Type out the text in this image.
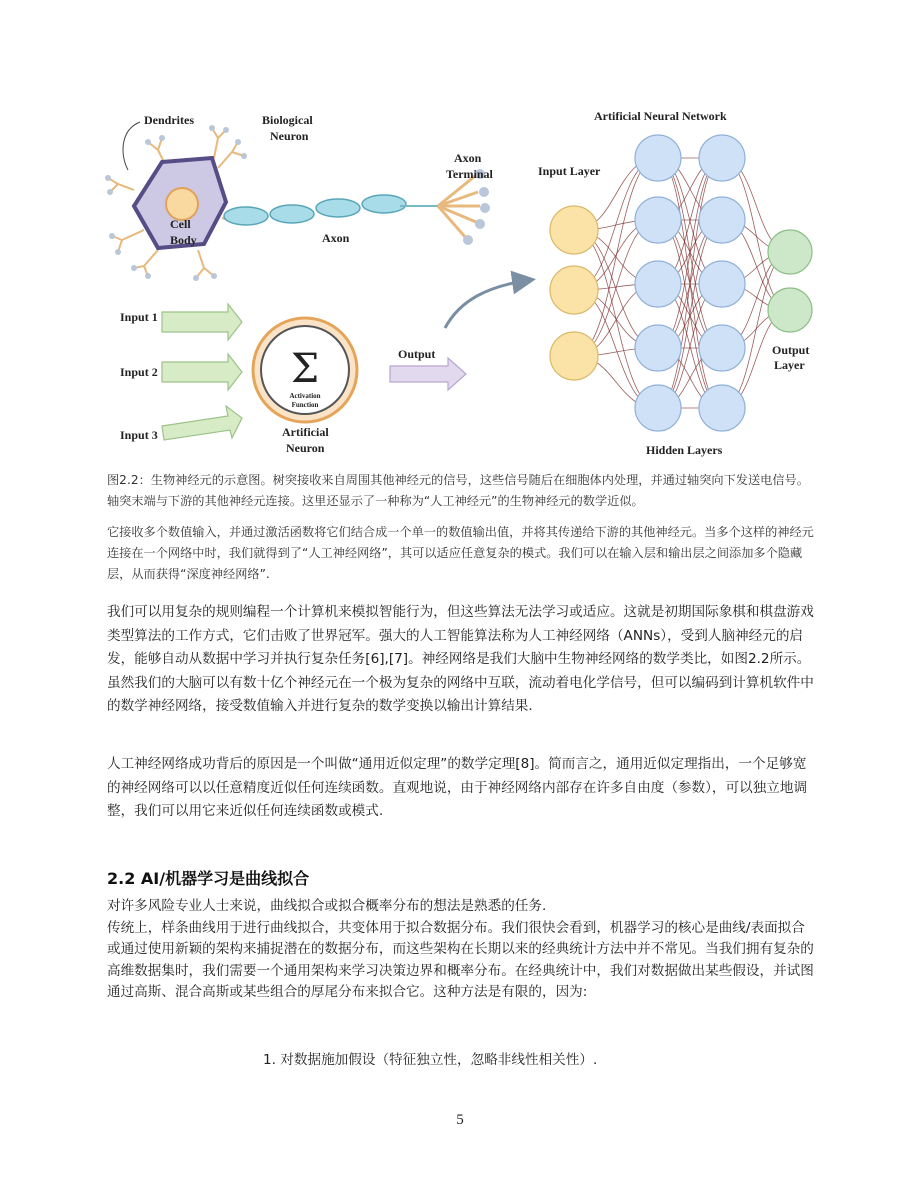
Dendrites	Biological
Neuron
Cell
Body	Axon
Axon
Terminal
Input 1
Input 2
Input 3
Σ
Activation
Function
Artificial
Neuron
Output
Artificial Neural Network
Input Layer
Output
Layer
Hidden Layers

图2.2：生物神经元的示意图。树突接收来自周围其他神经元的信号，这些信号随后在细胞体内处理，并通过轴突向下发送电信号。轴突末端与下游的其他神经元连接。这里还显示了一种称为“人工神经元”的生物神经元的数学近似。

它接收多个数值输入，并通过激活函数将它们结合成一个单一的数值输出值，并将其传递给下游的其他神经元。当多个这样的神经元连接在一个网络中时，我们就得到了“人工神经网络”，其可以适应任意复杂的模式。我们可以在输入层和输出层之间添加多个隐藏层，从而获得“深度神经网络”.

我们可以用复杂的规则编程一个计算机来模拟智能行为，但这些算法无法学习或适应。这就是初期国际象棋和棋盘游戏类型算法的工作方式，它们击败了世界冠军。强大的人工智能算法称为人工神经网络（ANNs），受到人脑神经元的启发，能够自动从数据中学习并执行复杂任务[6],[7]。神经网络是我们大脑中生物神经网络的数学类比，如图2.2所示。虽然我们的大脑可以有数十亿个神经元在一个极为复杂的网络中互联，流动着电化学信号，但可以编码到计算机软件中的数学神经网络，接受数值输入并进行复杂的数学变换以输出计算结果.
人工神经网络成功背后的原因是一个叫做“通用近似定理”的数学定理[8]。简而言之，通用近似定理指出，一个足够宽的神经网络可以以任意精度近似任何连续函数。直观地说，由于神经网络内部存在许多自由度（参数），可以独立地调整，我们可以用它来近似任何连续函数或模式.
2.2 AI/机器学习是曲线拟合

对许多风险专业人士来说，曲线拟合或拟合概率分布的想法是熟悉的任务.

传统上，样条曲线用于进行曲线拟合，共变体用于拟合数据分布。我们很快会看到，机器学习的核心是曲线/表面拟合或通过使用新颖的架构来捕捉潜在的数据分布，而这些架构在长期以来的经典统计方法中并不常见。当我们拥有复杂的高维数据集时，我们需要一个通用架构来学习决策边界和概率分布。在经典统计中，我们对数据做出某些假设，并试图通过高斯、混合高斯或某些组合的厚尾分布来拟合它。这种方法是有限的，因为:

1. 对数据施加假设（特征独立性，忽略非线性相关性）.
5
